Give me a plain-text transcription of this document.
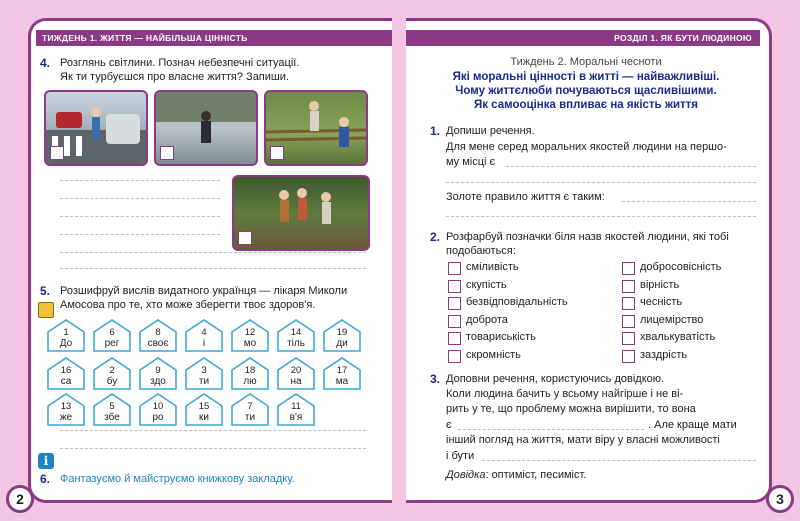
ТИЖДЕНЬ 1. ЖИТТЯ — НАЙБІЛЬША ЦІННІСТЬ
4. Розглянь світлини. Познач небезпечні ситуації.
Як ти турбуєшся про власне життя? Запиши.
5. Розшифруй вислів видатного українця — лікаря Миколи
Амосова про те, хто може зберегти твоє здоров'я.
1
До
6
рег
8
своє
4
і
12
мо
14
тіль
19
ди
16
са
2
бу
9
здо
3
ти
18
лю
20
на
17
ма
13
же
5
збе
10
ро
15
ки
7
ти
11
в'я
i
6. Фантазуємо й майструємо книжкову закладку.
2
РОЗДІЛ 1. ЯК БУТИ ЛЮДИНОЮ
Тиждень 2. Моральні чесноти
Які моральні цінності в житті — найважливіші.
Чому життєлюби почуваються щасливішими.
Як самооцінка впливає на якість життя
1. Допиши речення.
Для мене серед моральних якостей людини на першо-
му місці є
Золоте правило життя є таким:
2. Розфарбуй позначки біля назв якостей людини, які тобі
подобаються:
сміливість
скупість
безвідповідальність
доброта
товариськість
скромність
добросовісність
вірність
чесність
лицемірство
хвалькуватість
заздрість
3. Доповни речення, користуючись довідкою.
Коли людина бачить у всьому найгірше і не ві-
рить у те, що проблему можна вирішити, то вона
є	. Але краще мати
інший погляд на життя, мати віру у власні можливості
і бути
Довідка: оптиміст, песиміст.
3
